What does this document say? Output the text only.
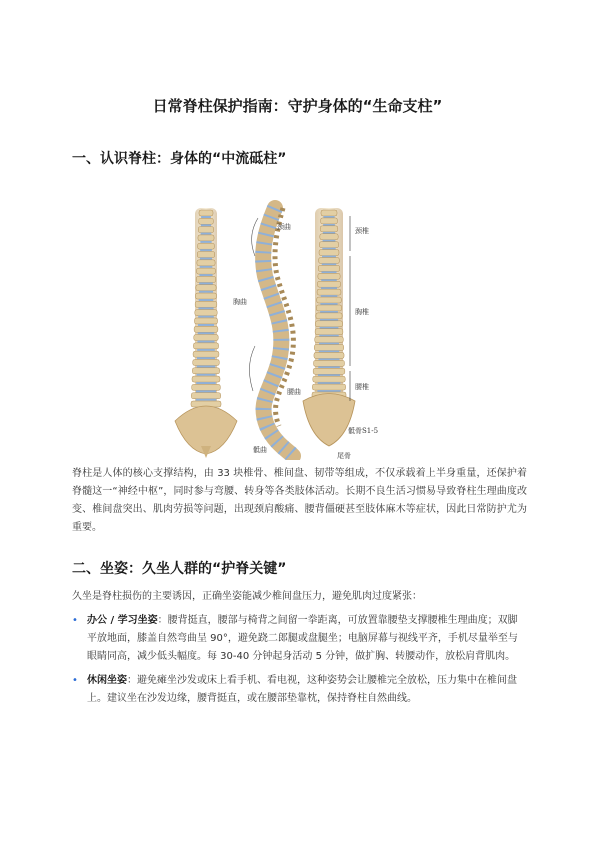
日常脊柱保护指南：守护身体的“生命支柱”
一、认识脊柱：身体的“中流砥柱”
颈曲
胸曲
腰曲
骶曲
颈椎
胸椎
腰椎
骶骨S1-5
尾骨
脊柱是人体的核心支撑结构，由 33 块椎骨、椎间盘、韧带等组成，不仅承载着上半身重量，还保护着脊髓这一“神经中枢”，同时参与弯腰、转身等各类肢体活动。长期不良生活习惯易导致脊柱生理曲度改变、椎间盘突出、肌肉劳损等问题，出现颈肩酸痛、腰背僵硬甚至肢体麻木等症状，因此日常防护尤为重要。
二、坐姿：久坐人群的“护脊关键”
久坐是脊柱损伤的主要诱因，正确坐姿能减少椎间盘压力，避免肌肉过度紧张：
• 办公 / 学习坐姿：腰背挺直，腰部与椅背之间留一拳距离，可放置靠腰垫支撑腰椎生理曲度；双脚平放地面，膝盖自然弯曲呈 90°，避免跷二郎腿或盘腿坐；电脑屏幕与视线平齐，手机尽量举至与眼睛同高，减少低头幅度。每 30-40 分钟起身活动 5 分钟，做扩胸、转腰动作，放松肩背肌肉。
• 休闲坐姿：避免瘫坐沙发或床上看手机、看电视，这种姿势会让腰椎完全放松，压力集中在椎间盘上。建议坐在沙发边缘，腰背挺直，或在腰部垫靠枕，保持脊柱自然曲线。
